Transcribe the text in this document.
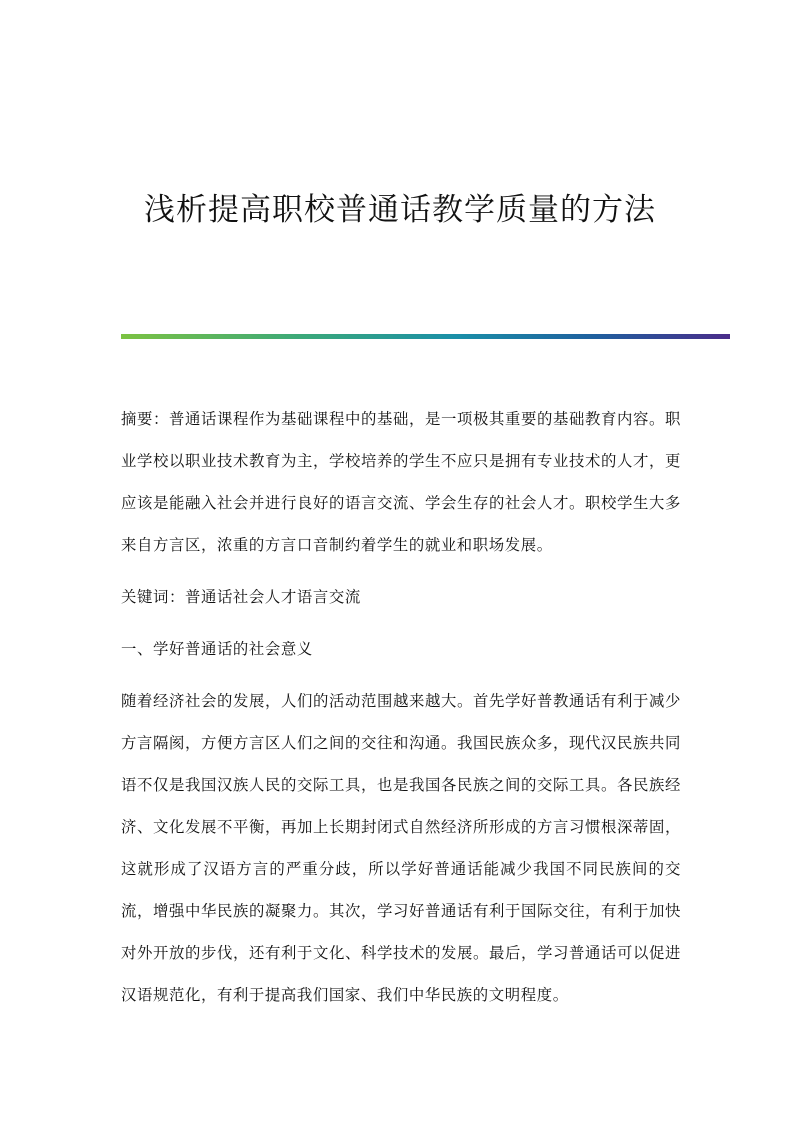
浅析提高职校普通话教学质量的方法

摘要：普通话课程作为基础课程中的基础，是一项极其重要的基础教育内容。职业学校以职业技术教育为主，学校培养的学生不应只是拥有专业技术的人才，更应该是能融入社会并进行良好的语言交流、学会生存的社会人才。职校学生大多来自方言区，浓重的方言口音制约着学生的就业和职场发展。

关键词：普通话社会人才语言交流

一、学好普通话的社会意义

随着经济社会的发展，人们的活动范围越来越大。首先学好普教通话有利于减少方言隔阂，方便方言区人们之间的交往和沟通。我国民族众多，现代汉民族共同语不仅是我国汉族人民的交际工具，也是我国各民族之间的交际工具。各民族经济、文化发展不平衡，再加上长期封闭式自然经济所形成的方言习惯根深蒂固，这就形成了汉语方言的严重分歧，所以学好普通话能减少我国不同民族间的交流，增强中华民族的凝聚力。其次，学习好普通话有利于国际交往，有利于加快对外开放的步伐，还有利于文化、科学技术的发展。最后，学习普通话可以促进汉语规范化，有利于提高我们国家、我们中华民族的文明程度。
